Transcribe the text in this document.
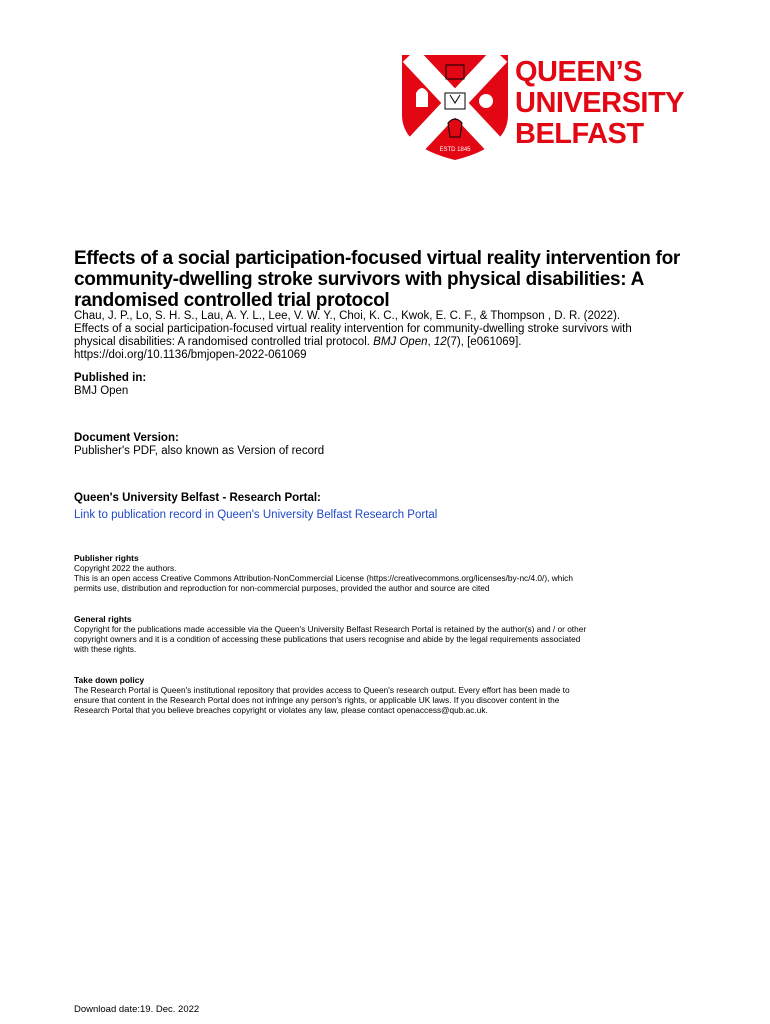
ESTD 1845
QUEEN’S
UNIVERSITY
BELFAST
Effects of a social participation-focused virtual reality intervention for
community-dwelling stroke survivors with physical disabilities: A
randomised controlled trial protocol
Chau, J. P., Lo, S. H. S., Lau, A. Y. L., Lee, V. W. Y., Choi, K. C., Kwok, E. C. F., & Thompson , D. R. (2022).
Effects of a social participation-focused virtual reality intervention for community-dwelling stroke survivors with
physical disabilities: A randomised controlled trial protocol. BMJ Open, 12(7), [e061069].
https://doi.org/10.1136/bmjopen-2022-061069
Published in:
BMJ Open
Document Version:
Publisher's PDF, also known as Version of record
Queen's University Belfast - Research Portal:
Link to publication record in Queen's University Belfast Research Portal
Publisher rights
Copyright 2022 the authors.
This is an open access Creative Commons Attribution-NonCommercial License (https://creativecommons.org/licenses/by-nc/4.0/), which
permits use, distribution and reproduction for non-commercial purposes, provided the author and source are cited
General rights
Copyright for the publications made accessible via the Queen's University Belfast Research Portal is retained by the author(s) and / or other
copyright owners and it is a condition of accessing these publications that users recognise and abide by the legal requirements associated
with these rights.
Take down policy
The Research Portal is Queen's institutional repository that provides access to Queen's research output. Every effort has been made to
ensure that content in the Research Portal does not infringe any person's rights, or applicable UK laws. If you discover content in the
Research Portal that you believe breaches copyright or violates any law, please contact openaccess@qub.ac.uk.
Download date:19. Dec. 2022
